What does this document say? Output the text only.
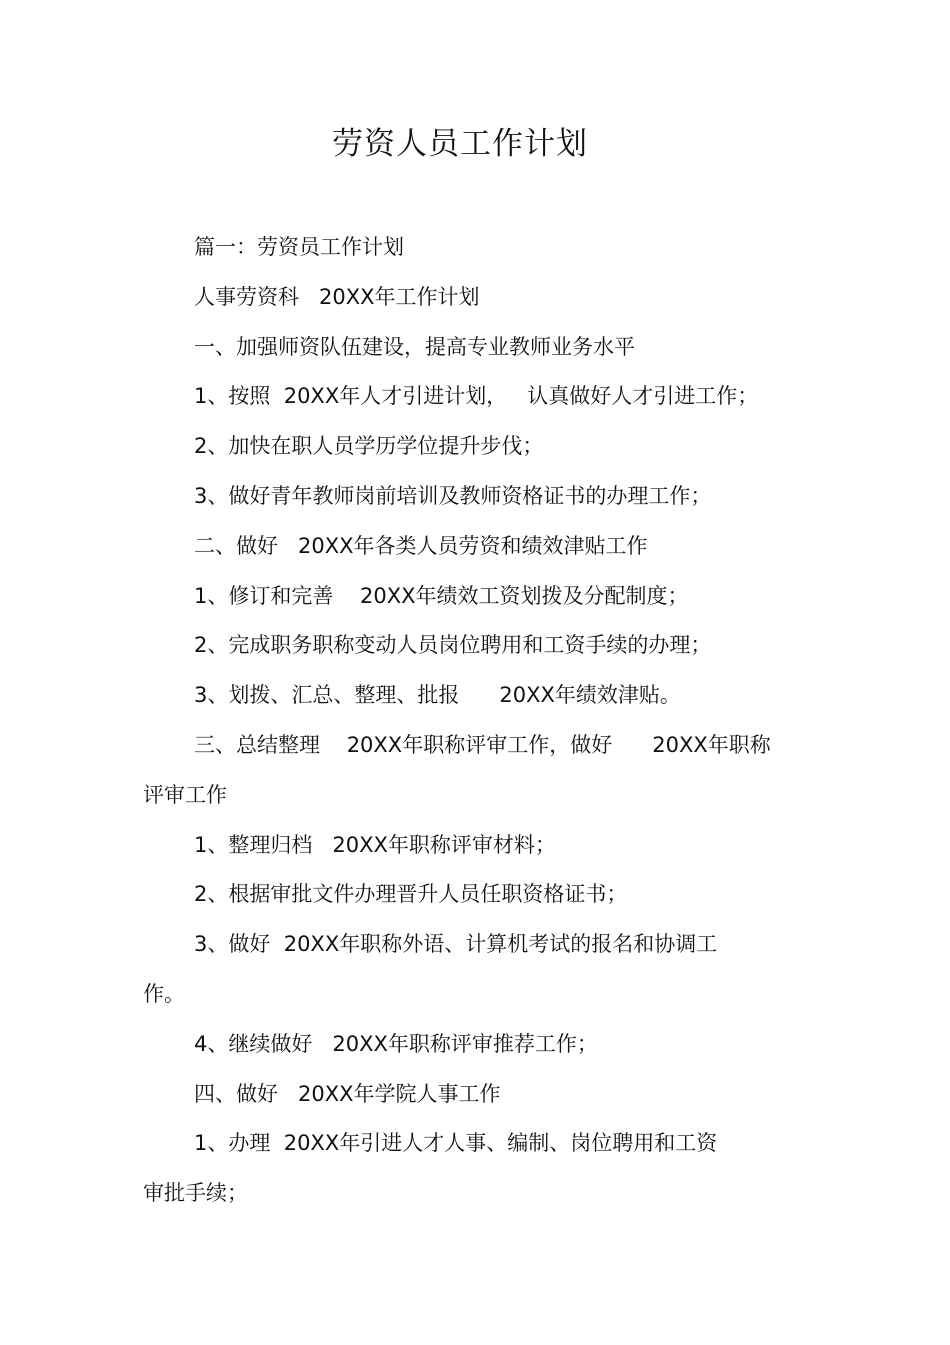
劳资人员工作计划
篇一：劳资员工作计划
人事劳资科   20XX年工作计划
一、加强师资队伍建设，提高专业教师业务水平
1、按照  20XX年人才引进计划，   认真做好人才引进工作；
2、加快在职人员学历学位提升步伐；
3、做好青年教师岗前培训及教师资格证书的办理工作；
二、做好   20XX年各类人员劳资和绩效津贴工作
1、修订和完善    20XX年绩效工资划拨及分配制度；
2、完成职务职称变动人员岗位聘用和工资手续的办理；
3、划拨、汇总、整理、批报      20XX年绩效津贴。
三、总结整理    20XX年职称评审工作，做好      20XX年职称
评审工作
1、整理归档   20XX年职称评审材料；
2、根据审批文件办理晋升人员任职资格证书；
3、做好  20XX年职称外语、计算机考试的报名和协调工
作。
4、继续做好   20XX年职称评审推荐工作；
四、做好   20XX年学院人事工作
1、办理  20XX年引进人才人事、编制、岗位聘用和工资
审批手续；
